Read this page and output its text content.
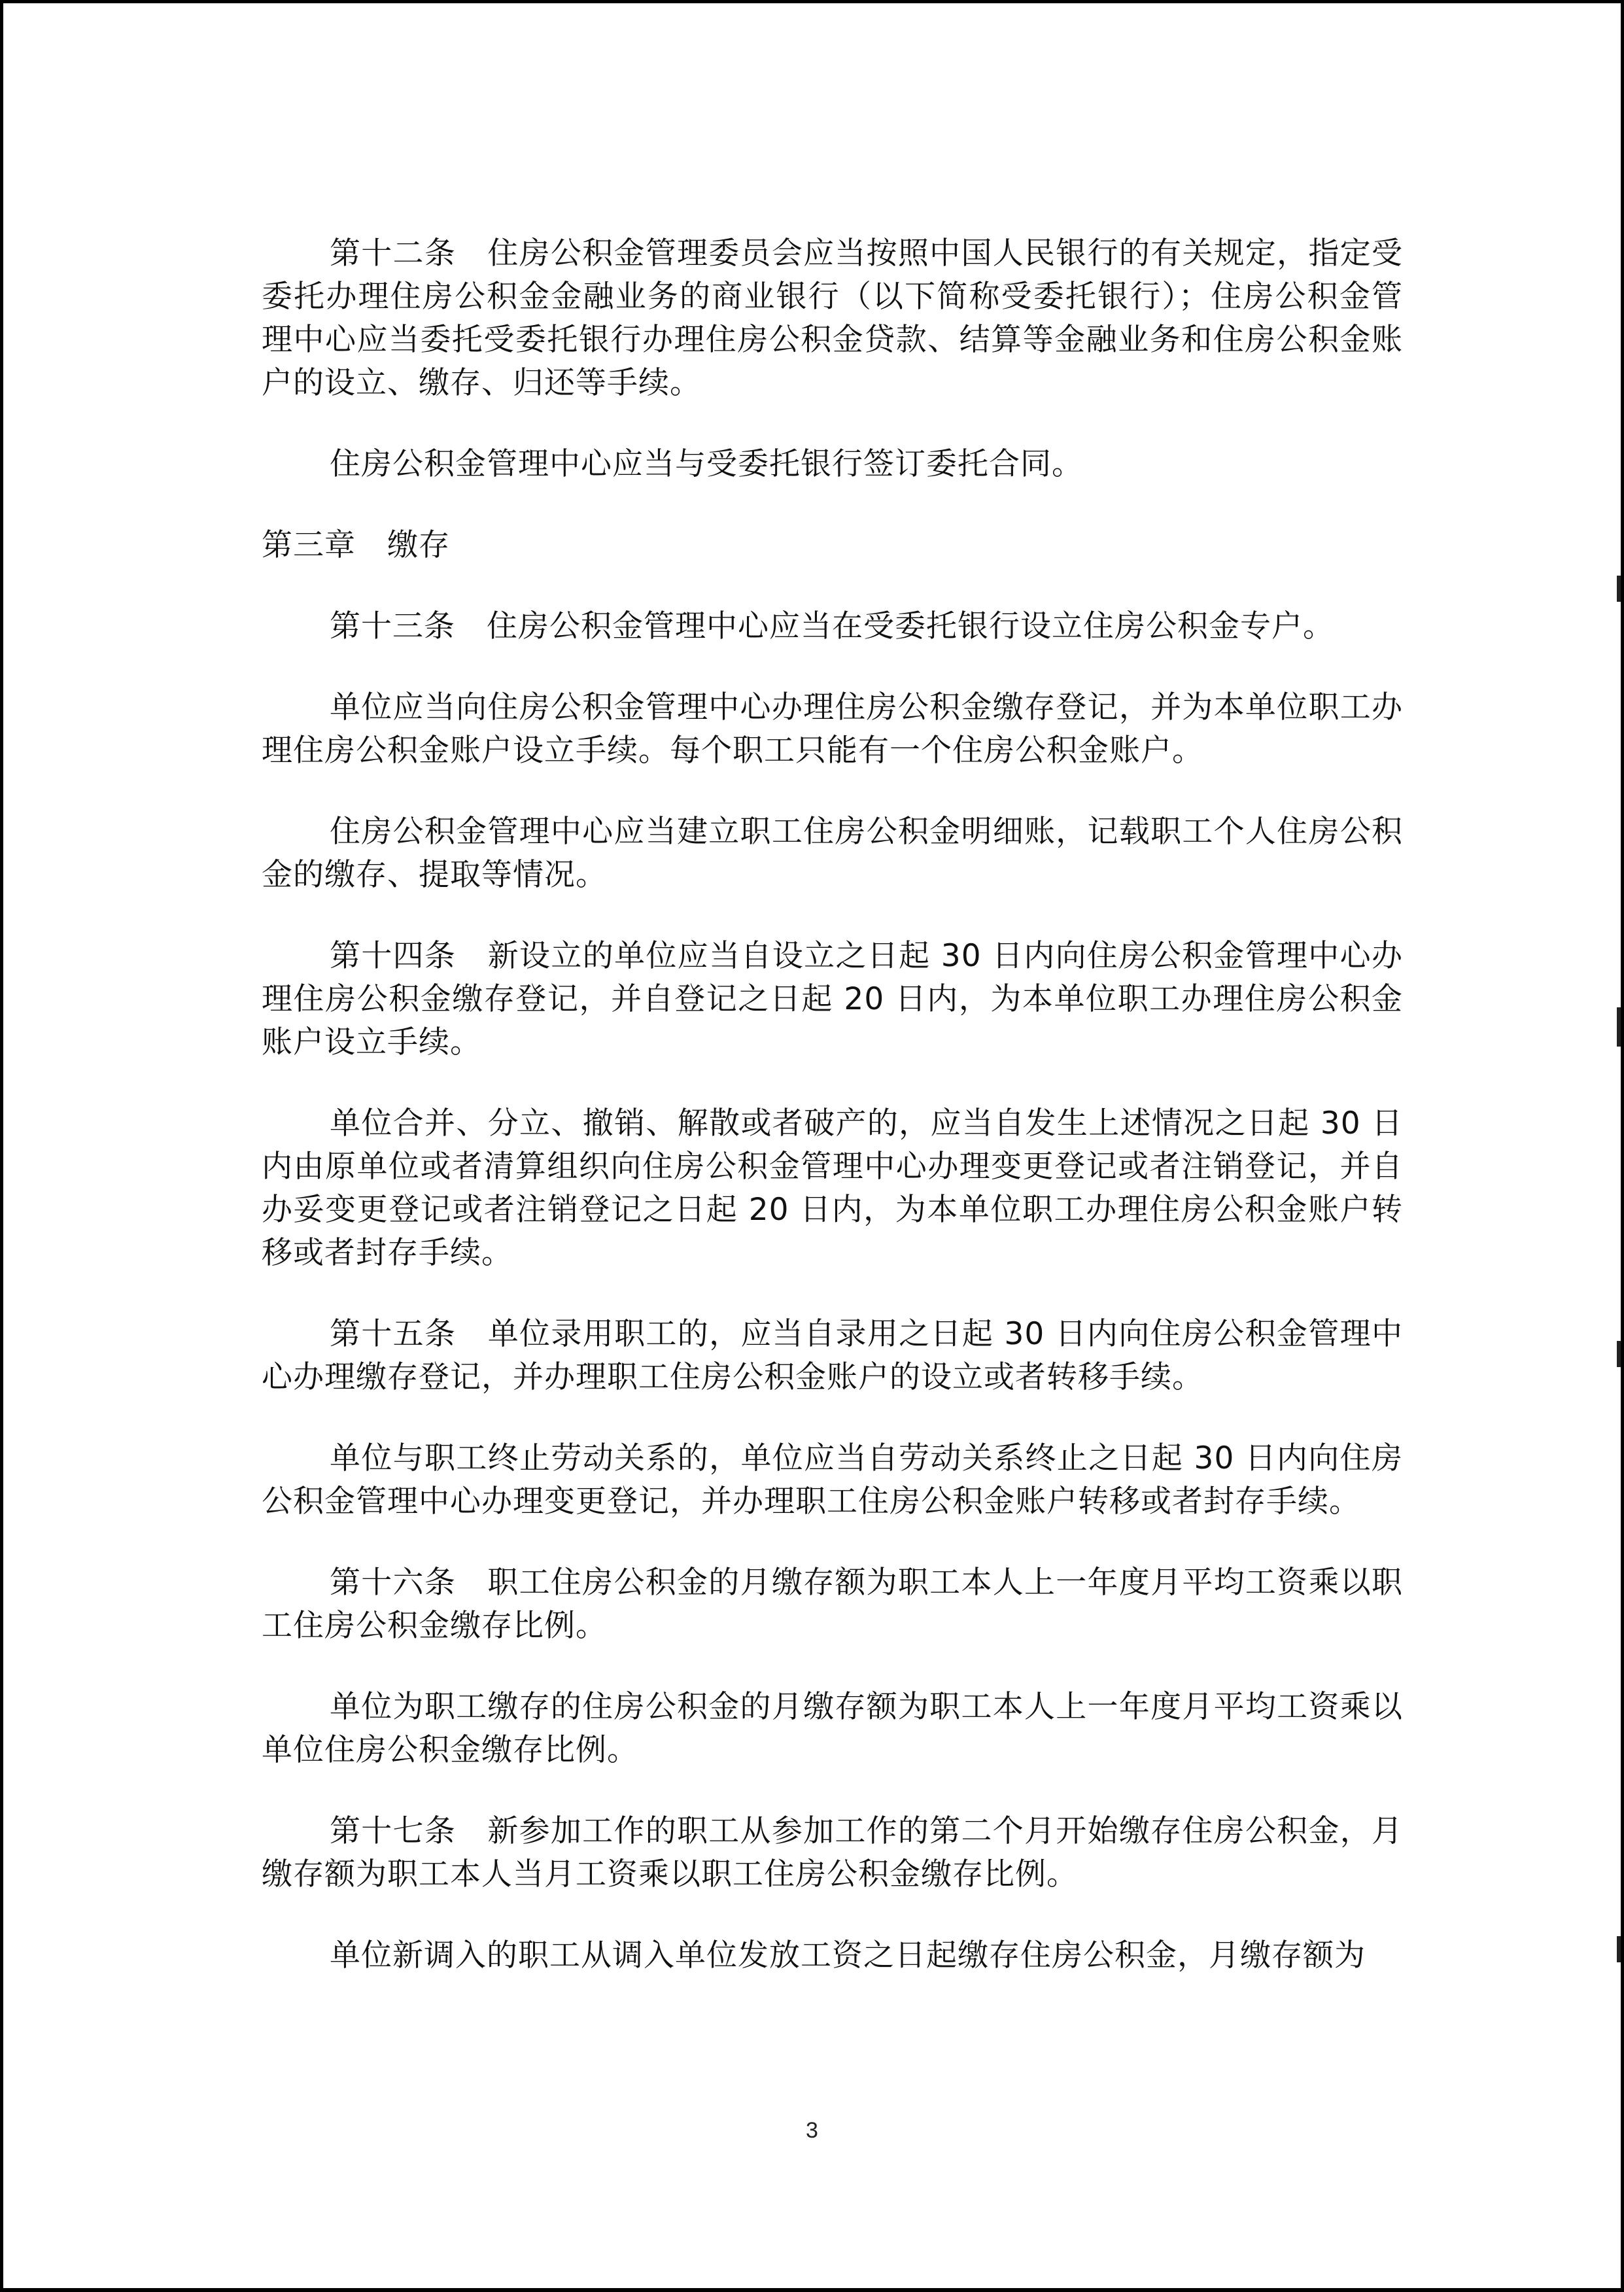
第十二条　住房公积金管理委员会应当按照中国人民银行的有关规定，指定受委托办理住房公积金金融业务的商业银行（以下简称受委托银行）；住房公积金管理中心应当委托受委托银行办理住房公积金贷款、结算等金融业务和住房公积金账户的设立、缴存、归还等手续。

住房公积金管理中心应当与受委托银行签订委托合同。

第三章　缴存

第十三条　住房公积金管理中心应当在受委托银行设立住房公积金专户。

单位应当向住房公积金管理中心办理住房公积金缴存登记，并为本单位职工办理住房公积金账户设立手续。每个职工只能有一个住房公积金账户。

住房公积金管理中心应当建立职工住房公积金明细账，记载职工个人住房公积金的缴存、提取等情况。

第十四条　新设立的单位应当自设立之日起 30 日内向住房公积金管理中心办理住房公积金缴存登记，并自登记之日起 20 日内，为本单位职工办理住房公积金账户设立手续。

单位合并、分立、撤销、解散或者破产的，应当自发生上述情况之日起 30 日内由原单位或者清算组织向住房公积金管理中心办理变更登记或者注销登记，并自办妥变更登记或者注销登记之日起 20 日内，为本单位职工办理住房公积金账户转移或者封存手续。

第十五条　单位录用职工的，应当自录用之日起 30 日内向住房公积金管理中心办理缴存登记，并办理职工住房公积金账户的设立或者转移手续。

单位与职工终止劳动关系的，单位应当自劳动关系终止之日起 30 日内向住房公积金管理中心办理变更登记，并办理职工住房公积金账户转移或者封存手续。

第十六条　职工住房公积金的月缴存额为职工本人上一年度月平均工资乘以职工住房公积金缴存比例。

单位为职工缴存的住房公积金的月缴存额为职工本人上一年度月平均工资乘以单位住房公积金缴存比例。

第十七条　新参加工作的职工从参加工作的第二个月开始缴存住房公积金，月缴存额为职工本人当月工资乘以职工住房公积金缴存比例。

单位新调入的职工从调入单位发放工资之日起缴存住房公积金，月缴存额为

3
